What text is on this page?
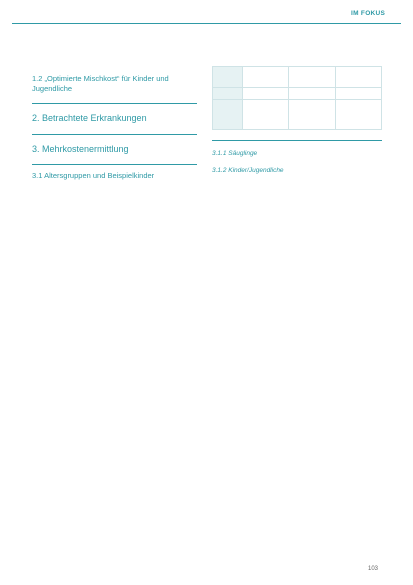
IM FOKUS
1.2 „Optimierte Mischkost“ für Kinder und Jugendliche

2. Betrachtete Erkrankungen

3. Mehrkostenermittlung

3.1 Altersgruppen und Beispielkinder

3.1.1 Säuglinge

3.1.2 Kinder/Jugendliche

103
